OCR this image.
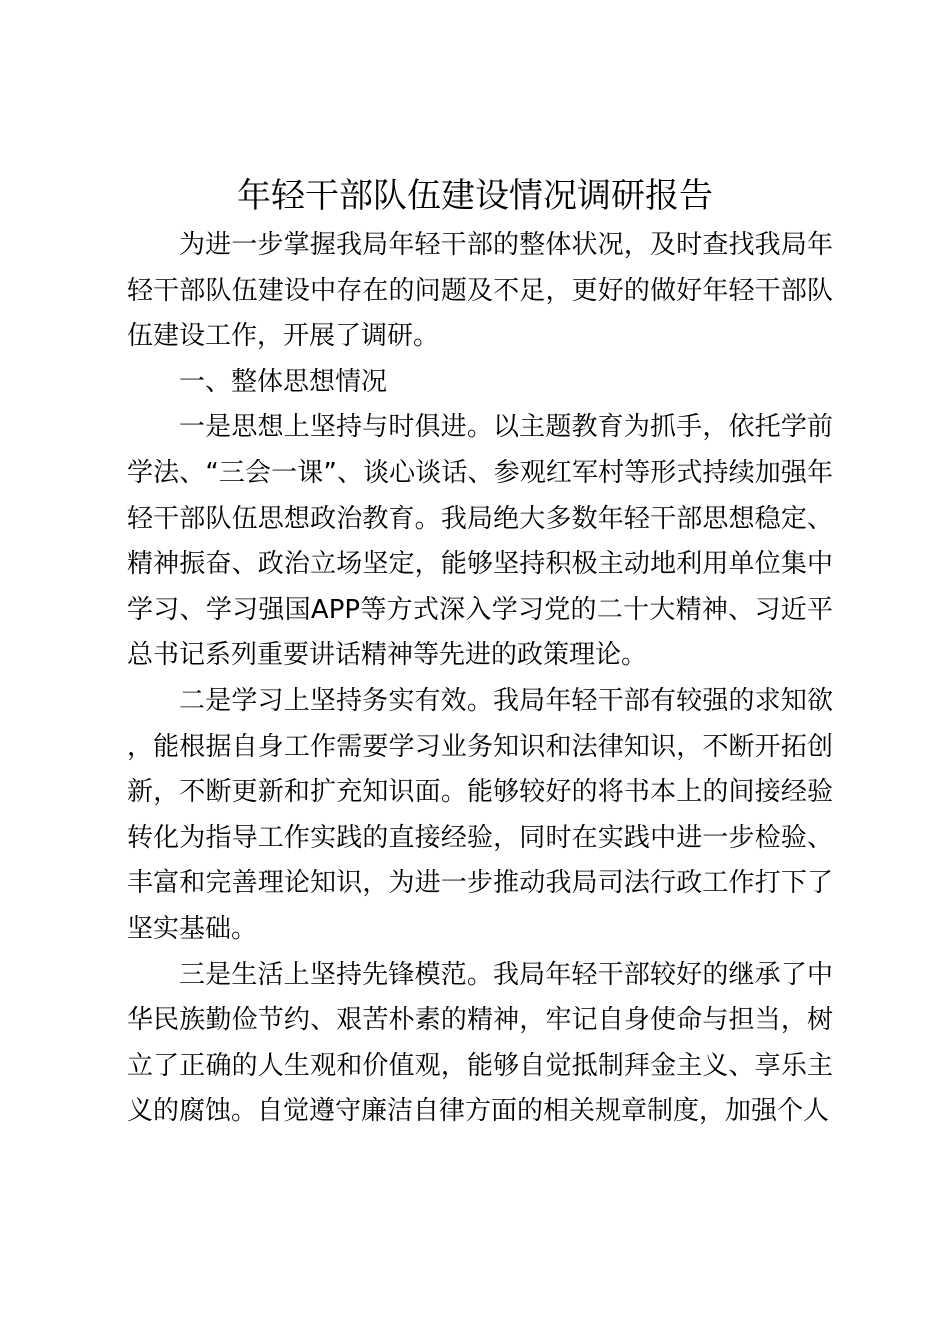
年轻干部队伍建设情况调研报告

为进一步掌握我局年轻干部的整体状况，及时查找我局年轻干部队伍建设中存在的问题及不足，更好的做好年轻干部队伍建设工作，开展了调研。

一、整体思想情况

一是思想上坚持与时俱进。以主题教育为抓手，依托学前学法、“三会一课”、谈心谈话、参观红军村等形式持续加强年轻干部队伍思想政治教育。我局绝大多数年轻干部思想稳定、精神振奋、政治立场坚定，能够坚持积极主动地利用单位集中学习、学习强国APP等方式深入学习党的二十大精神、习近平总书记系列重要讲话精神等先进的政策理论。

二是学习上坚持务实有效。我局年轻干部有较强的求知欲，能根据自身工作需要学习业务知识和法律知识，不断开拓创新，不断更新和扩充知识面。能够较好的将书本上的间接经验转化为指导工作实践的直接经验，同时在实践中进一步检验、丰富和完善理论知识，为进一步推动我局司法行政工作打下了坚实基础。

三是生活上坚持先锋模范。我局年轻干部较好的继承了中华民族勤俭节约、艰苦朴素的精神，牢记自身使命与担当，树立了正确的人生观和价值观，能够自觉抵制拜金主义、享乐主义的腐蚀。自觉遵守廉洁自律方面的相关规章制度，加强个人
